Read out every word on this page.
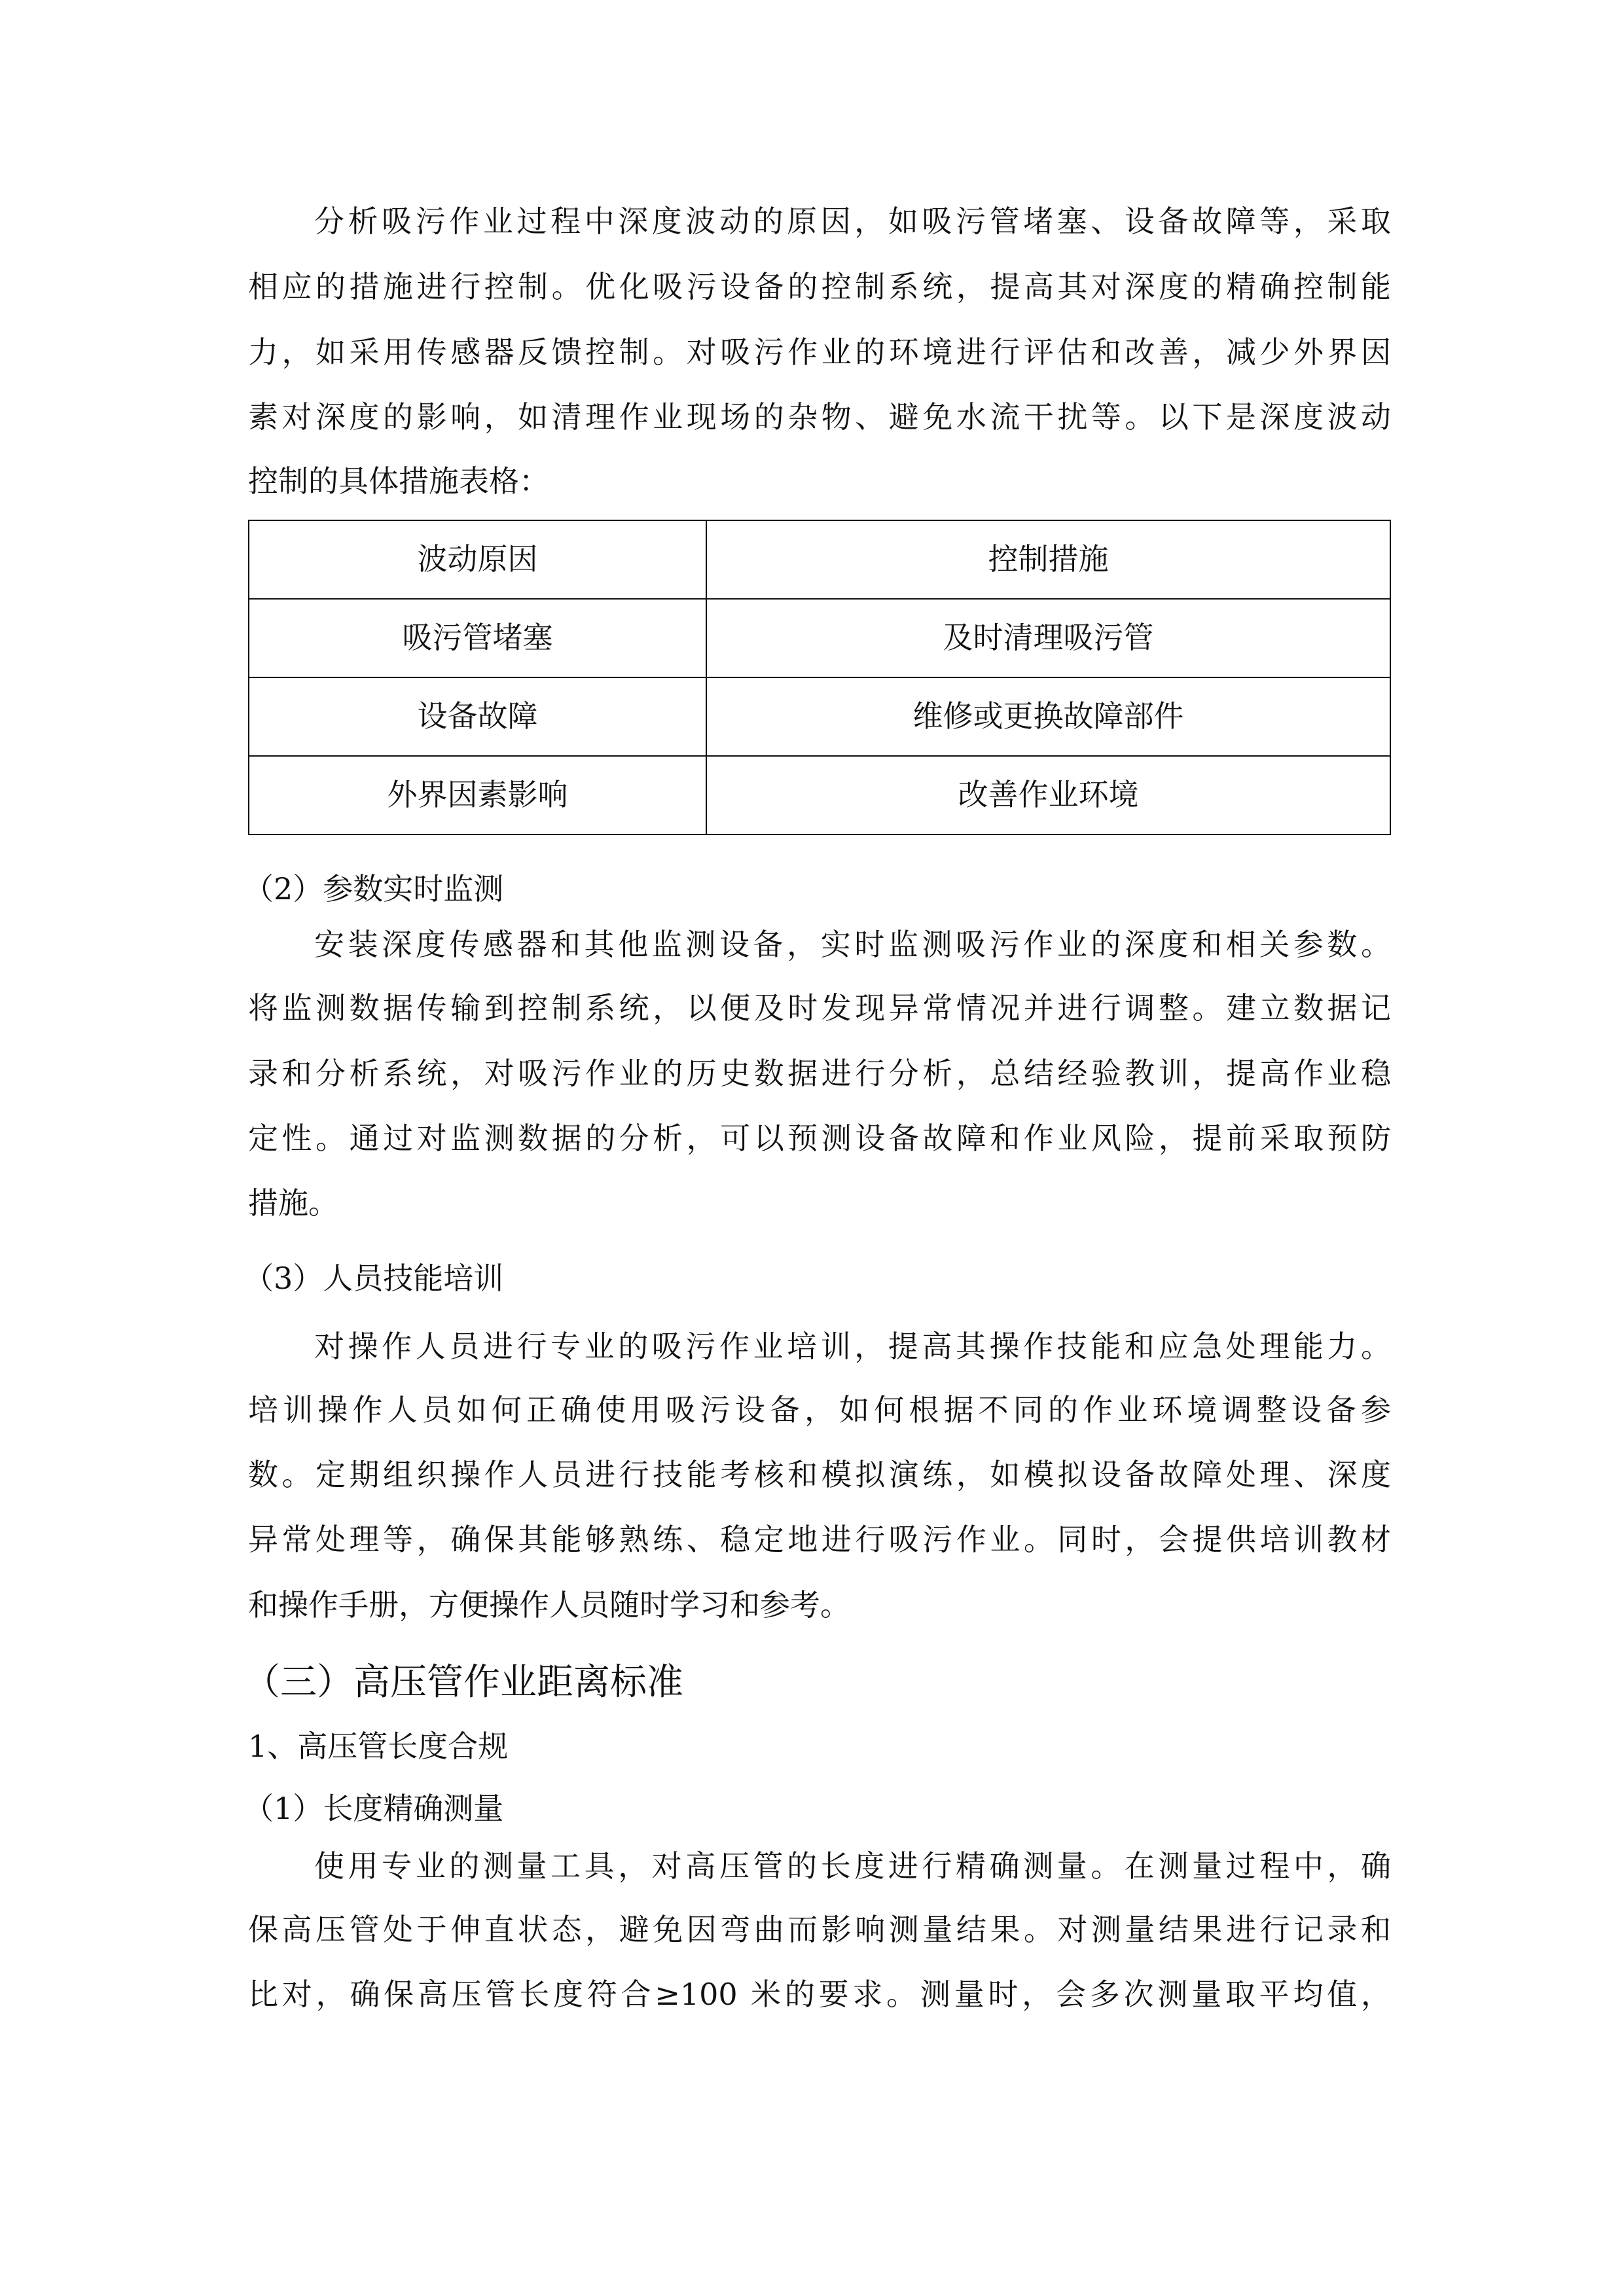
分析吸污作业过程中深度波动的原因，如吸污管堵塞、设备故障等，采取
相应的措施进行控制。优化吸污设备的控制系统，提高其对深度的精确控制能
力，如采用传感器反馈控制。对吸污作业的环境进行评估和改善，减少外界因
素对深度的影响，如清理作业现场的杂物、避免水流干扰等。以下是深度波动
控制的具体措施表格：
波动原因	控制措施
吸污管堵塞	及时清理吸污管
设备故障	维修或更换故障部件
外界因素影响	改善作业环境
（2）参数实时监测
安装深度传感器和其他监测设备，实时监测吸污作业的深度和相关参数。
将监测数据传输到控制系统，以便及时发现异常情况并进行调整。建立数据记
录和分析系统，对吸污作业的历史数据进行分析，总结经验教训，提高作业稳
定性。通过对监测数据的分析，可以预测设备故障和作业风险，提前采取预防
措施。
（3）人员技能培训
对操作人员进行专业的吸污作业培训，提高其操作技能和应急处理能力。
培训操作人员如何正确使用吸污设备，如何根据不同的作业环境调整设备参
数。定期组织操作人员进行技能考核和模拟演练，如模拟设备故障处理、深度
异常处理等，确保其能够熟练、稳定地进行吸污作业。同时，会提供培训教材
和操作手册，方便操作人员随时学习和参考。
（三）高压管作业距离标准
1、高压管长度合规
（1）长度精确测量
使用专业的测量工具，对高压管的长度进行精确测量。在测量过程中，确
保高压管处于伸直状态，避免因弯曲而影响测量结果。对测量结果进行记录和
比对，确保高压管长度符合≥100 米的要求。测量时，会多次测量取平均值，
